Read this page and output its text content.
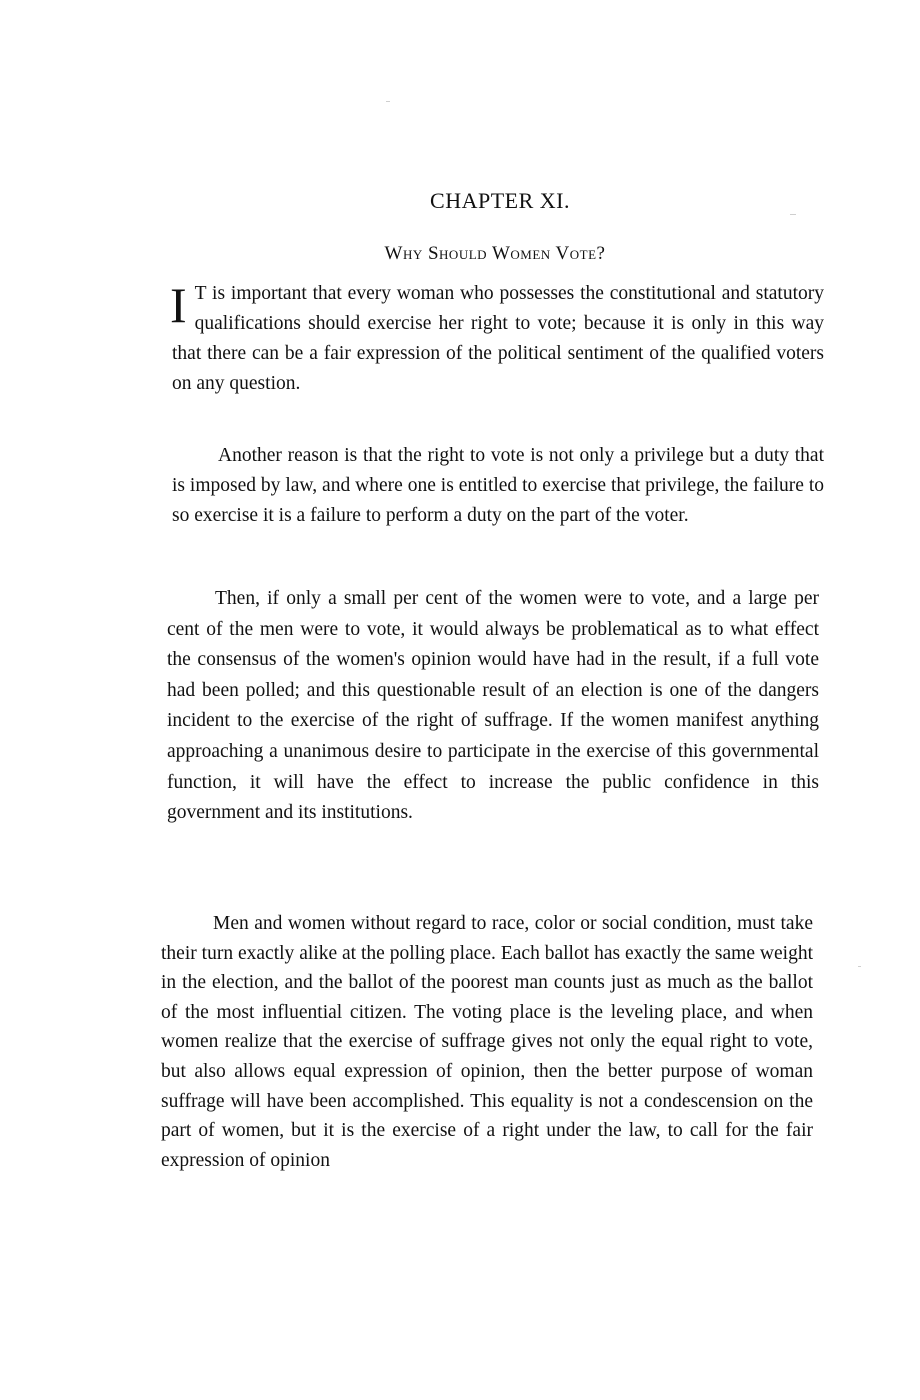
CHAPTER XI.
Why Should Women Vote?
I T is important that every woman who possesses the constitutional and statutory qualifications should exercise her right to vote; because it is only in this way that there can be a fair expression of the political sentiment of the qualified voters on any question.

Another reason is that the right to vote is not only a privilege but a duty that is imposed by law, and where one is entitled to exercise that privilege, the failure to so exercise it is a failure to perform a duty on the part of the voter.

Then, if only a small per cent of the women were to vote, and a large per cent of the men were to vote, it would always be problematical as to what effect the consensus of the women's opinion would have had in the result, if a full vote had been polled; and this questionable result of an election is one of the dangers incident to the exercise of the right of suffrage. If the women manifest anything approaching a unanimous desire to participate in the exercise of this governmental function, it will have the effect to increase the public confidence in this government and its institutions.

Men and women without regard to race, color or social condition, must take their turn exactly alike at the polling place. Each ballot has exactly the same weight in the election, and the ballot of the poorest man counts just as much as the ballot of the most influential citizen. The voting place is the leveling place, and when women realize that the exercise of suffrage gives not only the equal right to vote, but also allows equal expression of opinion, then the better purpose of woman suffrage will have been accomplished. This equality is not a condescension on the part of women, but it is the exercise of a right under the law, to call for the fair expression of opinion
